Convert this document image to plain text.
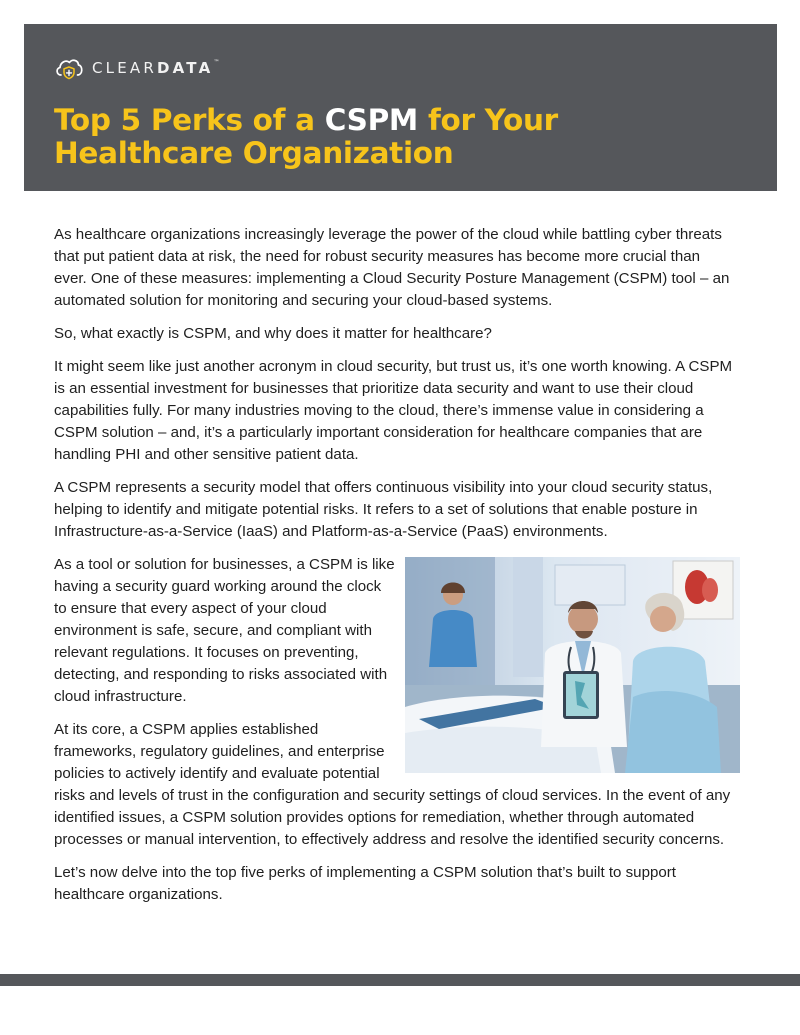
CLEARDATA™
Top 5 Perks of a CSPM for Your
Healthcare Organization

As healthcare organizations increasingly leverage the power of the cloud while battling cyber threats that put patient data at risk, the need for robust security measures has become more crucial than ever. One of these measures: implementing a Cloud Security Posture Management (CSPM) tool – an automated solution for monitoring and securing your cloud-based systems.

So, what exactly is CSPM, and why does it matter for healthcare?

It might seem like just another acronym in cloud security, but trust us, it’s one worth knowing. A CSPM is an essential investment for businesses that prioritize data security and want to use their cloud capabilities fully. For many industries moving to the cloud, there’s immense value in considering a CSPM solution – and, it’s a particularly important consideration for healthcare companies that are handling PHI and other sensitive patient data.

A CSPM represents a security model that offers continuous visibility into your cloud security status, helping to identify and mitigate potential risks. It refers to a set of solutions that enable posture in Infrastructure-as-a-Service (IaaS) and Platform-as-a-Service (PaaS) environments.

As a tool or solution for businesses, a CSPM is like having a security guard working around the clock to ensure that every aspect of your cloud environment is safe, secure, and compliant with relevant regulations. It focuses on preventing, detecting, and responding to risks associated with cloud infrastructure.

At its core, a CSPM applies established frameworks, regulatory guidelines, and enterprise policies to actively identify and evaluate potential risks and levels of trust in the configuration and security settings of cloud services. In the event of any identified issues, a CSPM solution provides options for remediation, whether through automated processes or manual intervention, to effectively address and resolve the identified security concerns.

Let’s now delve into the top five perks of implementing a CSPM solution that’s built to support healthcare organizations.
